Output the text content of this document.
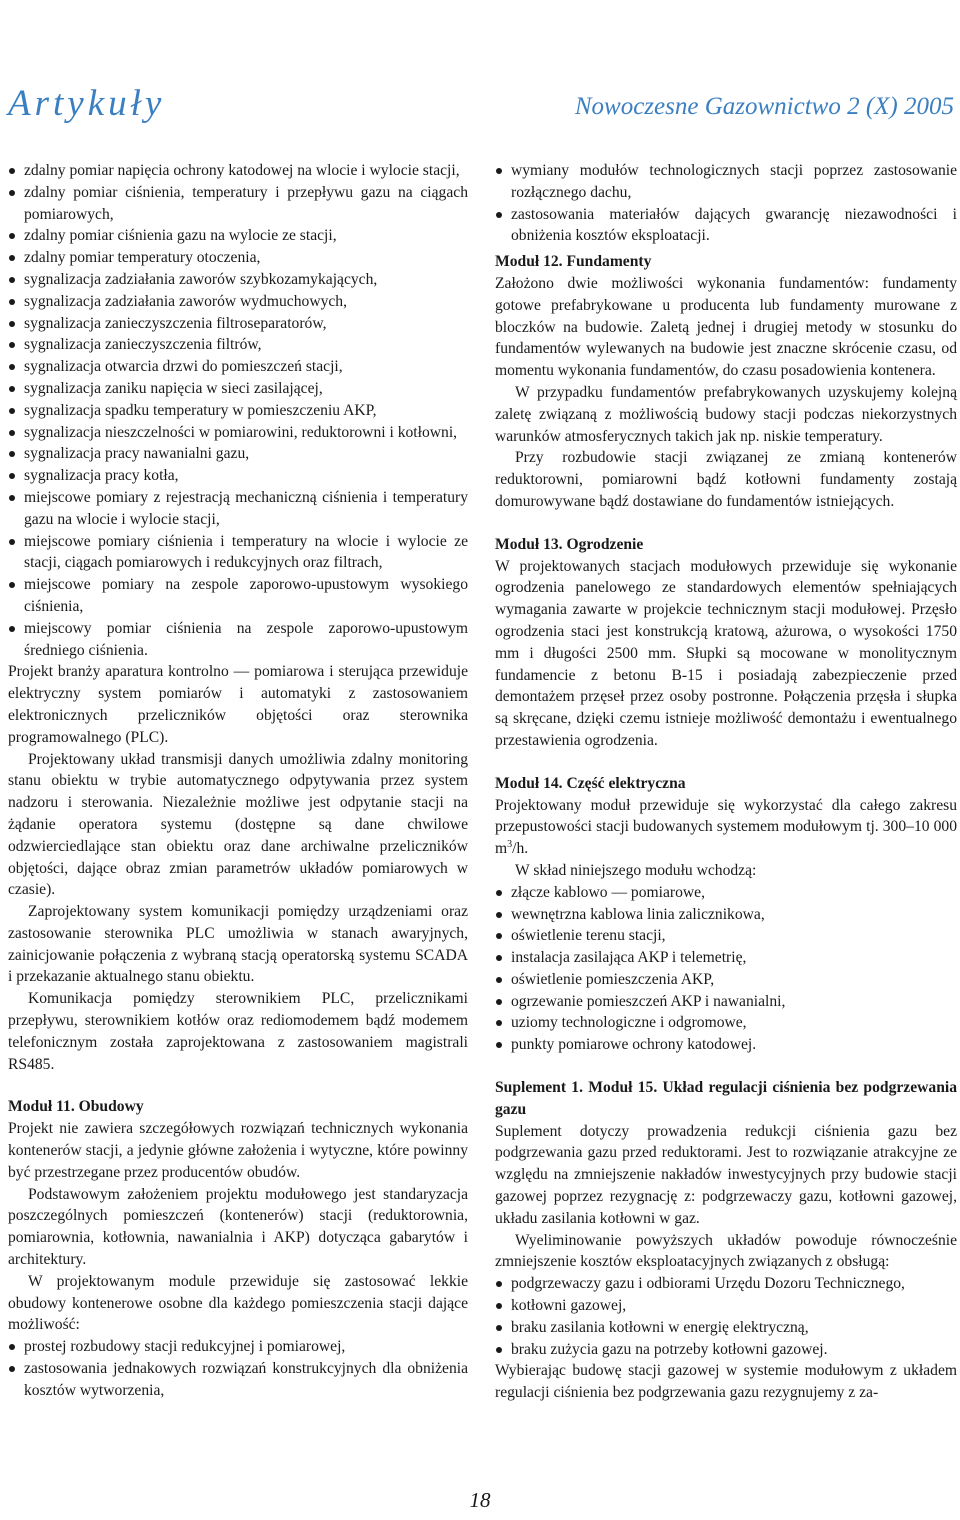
Artykuły	Nowoczesne Gazownictwo 2 (X) 2005
zdalny pomiar napięcia ochrony katodowej na wlocie i wylocie stacji,
zdalny pomiar ciśnienia, temperatury i przepływu gazu na ciągach pomiarowych,
zdalny pomiar ciśnienia gazu na wylocie ze stacji,
zdalny pomiar temperatury otoczenia,
sygnalizacja zadziałania zaworów szybkozamykających,
sygnalizacja zadziałania zaworów wydmuchowych,
sygnalizacja zanieczyszczenia filtroseparatorów,
sygnalizacja zanieczyszczenia filtrów,
sygnalizacja otwarcia drzwi do pomieszczeń stacji,
sygnalizacja zaniku napięcia w sieci zasilającej,
sygnalizacja spadku temperatury w pomieszczeniu AKP,
sygnalizacja nieszczelności w pomiarowini, reduktorowni i kotłowni,
sygnalizacja pracy nawanialni gazu,
sygnalizacja pracy kotła,
miejscowe pomiary z rejestracją mechaniczną ciśnienia i temperatury gazu na wlocie i wylocie stacji,
miejscowe pomiary ciśnienia i temperatury na wlocie i wylocie ze stacji, ciągach pomiarowych i redukcyjnych oraz filtrach,
miejscowe pomiary na zespole zaporowo-upustowym wysokiego ciśnienia,
miejscowy pomiar ciśnienia na zespole zaporowo-upustowym średniego ciśnienia.

Projekt branży aparatura kontrolno — pomiarowa i sterująca przewiduje elektryczny system pomiarów i automatyki z zastosowaniem elektronicznych przeliczników objętości oraz sterownika programowalnego (PLC).

Projektowany układ transmisji danych umożliwia zdalny monitoring stanu obiektu w trybie automatycznego odpytywania przez system nadzoru i sterowania. Niezależnie możliwe jest odpytanie stacji na żądanie operatora systemu (dostępne są dane chwilowe odzwierciedlające stan obiektu oraz dane archiwalne przeliczników objętości, dające obraz zmian parametrów układów pomiarowych w czasie).

Zaprojektowany system komunikacji pomiędzy urządzeniami oraz zastosowanie sterownika PLC umożliwia w stanach awaryjnych, zainicjowanie połączenia z wybraną stacją operatorską systemu SCADA i przekazanie aktualnego stanu obiektu.

Komunikacja pomiędzy sterownikiem PLC, przelicznikami przepływu, sterownikiem kotłów oraz rediomodemem bądź modemem telefonicznym została zaprojektowana z zastosowaniem magistrali RS485.

Moduł 11. Obudowy

Projekt nie zawiera szczegółowych rozwiązań technicznych wykonania kontenerów stacji, a jedynie główne założenia i wytyczne, które powinny być przestrzegane przez producentów obudów.

Podstawowym założeniem projektu modułowego jest standaryzacja poszczególnych pomieszczeń (kontenerów) stacji (reduktorownia, pomiarownia, kotłownia, nawanialnia i AKP) dotycząca gabarytów i architektury.

W projektowanym module przewiduje się zastosować lekkie obudowy kontenerowe osobne dla każdego pomieszczenia stacji dające możliwość:

prostej rozbudowy stacji redukcyjnej i pomiarowej,
zastosowania jednakowych rozwiązań konstrukcyjnych dla obniżenia kosztów wytworzenia,
wymiany modułów technologicznych stacji poprzez zastosowanie rozłącznego dachu,
zastosowania materiałów dających gwarancję niezawodności i obniżenia kosztów eksploatacji.

Moduł 12. Fundamenty

Założono dwie możliwości wykonania fundamentów: fundamenty gotowe prefabrykowane u producenta lub fundamenty murowane z bloczków na budowie. Zaletą jednej i drugiej metody w stosunku do fundamentów wylewanych na budowie jest znaczne skrócenie czasu, od momentu wykonania fundamentów, do czasu posadowienia kontenera.

W przypadku fundamentów prefabrykowanych uzyskujemy kolejną zaletę związaną z możliwością budowy stacji podczas niekorzystnych warunków atmosferycznych takich jak np. niskie temperatury.

Przy rozbudowie stacji związanej ze zmianą kontenerów reduktorowni, pomiarowni bądź kotłowni fundamenty zostają domurowywane bądź dostawiane do fundamentów istniejących.

Moduł 13. Ogrodzenie

W projektowanych stacjach modułowych przewiduje się wykonanie ogrodzenia panelowego ze standardowych elementów spełniających wymagania zawarte w projekcie technicznym stacji modułowej. Przęsło ogrodzenia staci jest konstrukcją kratową, ażurowa, o wysokości 1750 mm i długości 2500 mm. Słupki są mocowane w monolitycznym fundamencie z betonu B-15 i posiadają zabezpieczenie przed demontażem przęseł przez osoby postronne. Połączenia przęsła i słupka są skręcane, dzięki czemu istnieje możliwość demontażu i ewentualnego przestawienia ogrodzenia.

Moduł 14. Część elektryczna

Projektowany moduł przewiduje się wykorzystać dla całego zakresu przepustowości stacji budowanych systemem modułowym tj. 300–10 000 $m^3/h$.

W skład niniejszego modułu wchodzą:

złącze kablowo — pomiarowe,
wewnętrzna kablowa linia zalicznikowa,
oświetlenie terenu stacji,
instalacja zasilająca AKP i telemetrię,
oświetlenie pomieszczenia AKP,
ogrzewanie pomieszczeń AKP i nawanialni,
uziomy technologiczne i odgromowe,
punkty pomiarowe ochrony katodowej.

Suplement 1. Moduł 15. Układ regulacji ciśnienia bez podgrzewania gazu

Suplement dotyczy prowadzenia redukcji ciśnienia gazu bez podgrzewania gazu przed reduktorami. Jest to rozwiązanie atrakcyjne ze względu na zmniejszenie nakładów inwestycyjnych przy budowie stacji gazowej poprzez rezygnację z: podgrzewaczy gazu, kotłowni gazowej, układu zasilania kotłowni w gaz.

Wyeliminowanie powyższych układów powoduje równocześnie zmniejszenie kosztów eksploatacyjnych związanych z obsługą:

podgrzewaczy gazu i odbiorami Urzędu Dozoru Technicznego,
kotłowni gazowej,
braku zasilania kotłowni w energię elektryczną,
braku zużycia gazu na potrzeby kotłowni gazowej.

Wybierając budowę stacji gazowej w systemie modułowym z układem regulacji ciśnienia bez podgrzewania gazu rezygnujemy z za-

18
